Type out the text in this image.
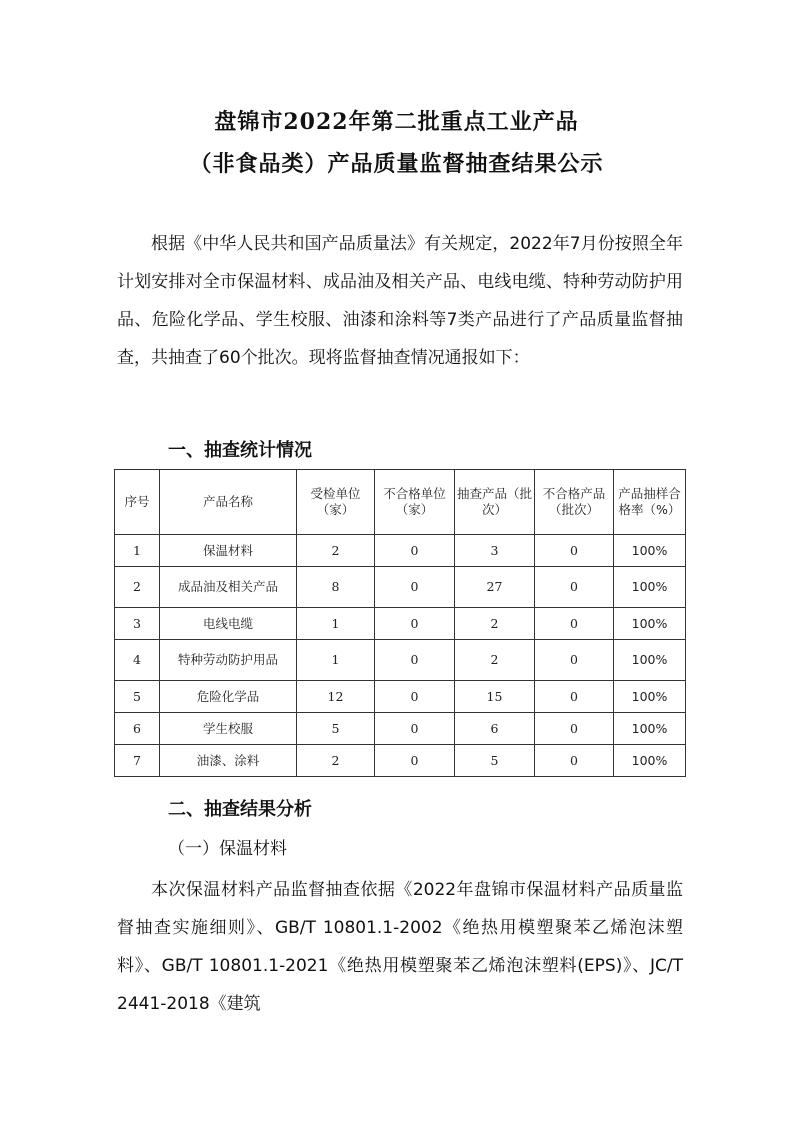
盘锦市2022年第二批重点工业产品
（非食品类）产品质量监督抽查结果公示

根据《中华人民共和国产品质量法》有关规定，2022年7月份按照全年计划安排对全市保温材料、成品油及相关产品、电线电缆、特种劳动防护用品、危险化学品、学生校服、油漆和涂料等7类产品进行了产品质量监督抽查，共抽查了60个批次。现将监督抽查情况通报如下：

一、抽查统计情况
序号	产品名称	受检单位（家）	不合格单位（家）	抽查产品（批次）	不合格产品（批次）	产品抽样合格率（%）
1	保温材料	2	0	3	0	100%
2	成品油及相关产品	8	0	27	0	100%
3	电线电缆	1	0	2	0	100%
4	特种劳动防护用品	1	0	2	0	100%
5	危险化学品	12	0	15	0	100%
6	学生校服	5	0	6	0	100%
7	油漆、涂料	2	0	5	0	100%
二、抽查结果分析
（一）保温材料

本次保温材料产品监督抽查依据《2022年盘锦市保温材料产品质量监督抽查实施细则》、GB/T 10801.1-2002《绝热用模塑聚苯乙烯泡沫塑料》、GB/T 10801.1-2021《绝热用模塑聚苯乙烯泡沫塑料(EPS)》、JC/T 2441-2018《建筑
